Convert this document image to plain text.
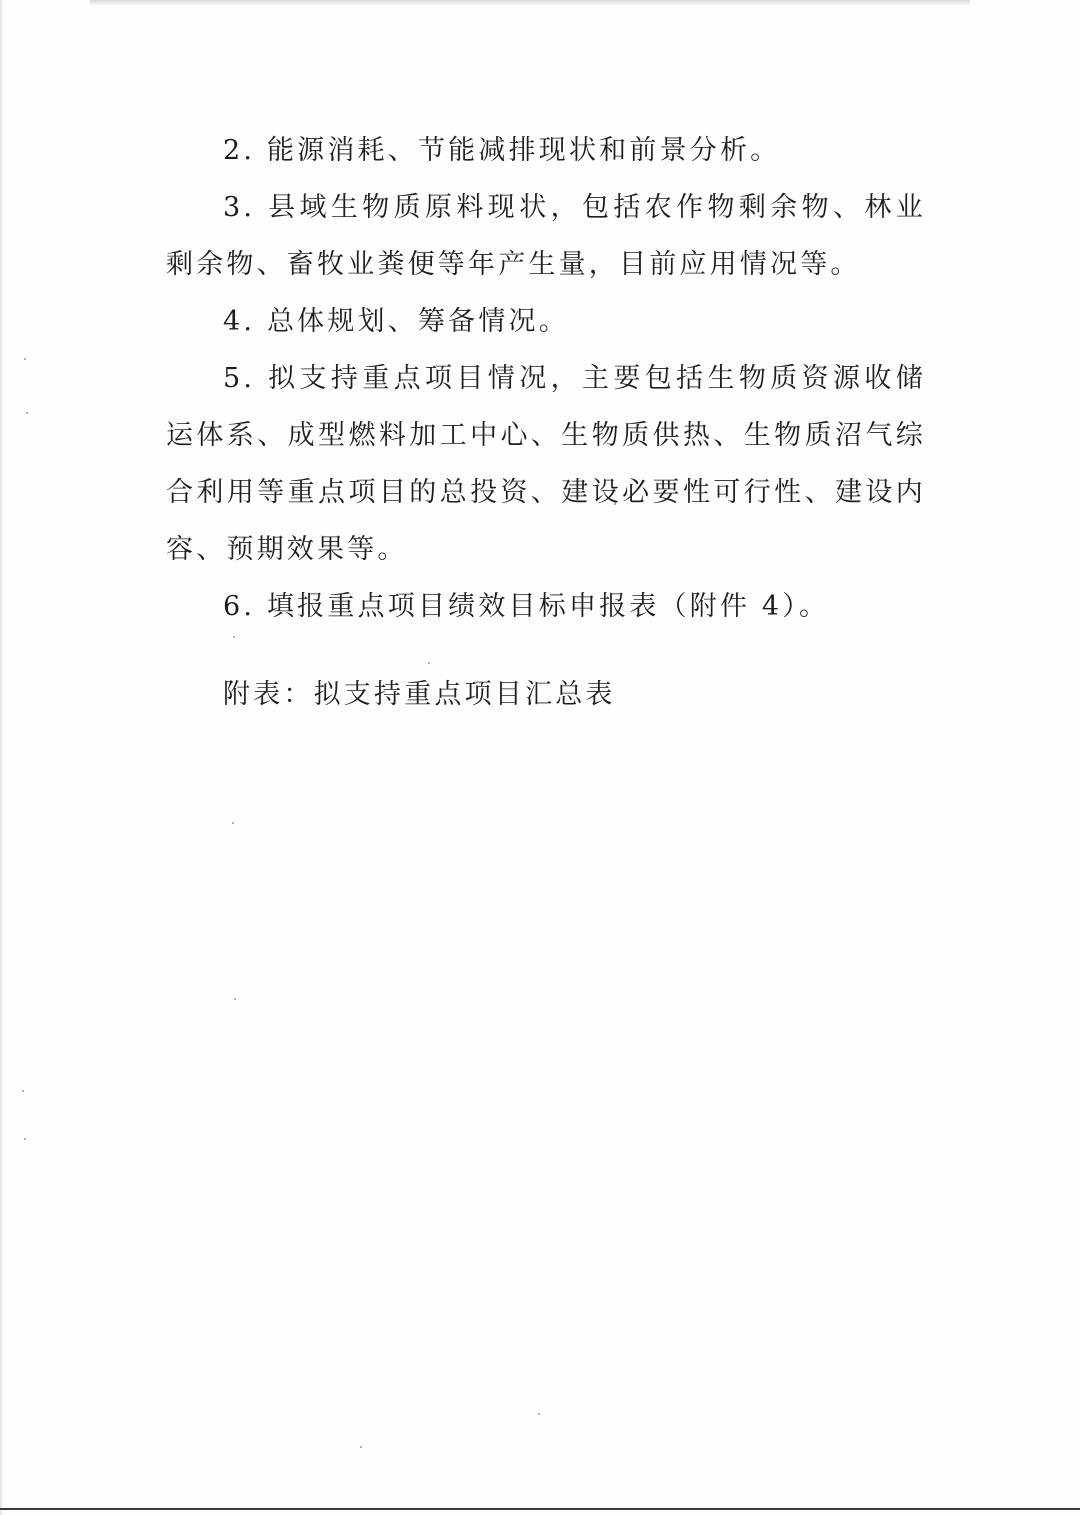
2. 能源消耗、节能减排现状和前景分析。

3. 县域生物质原料现状，包括农作物剩余物、林业剩余物、畜牧业粪便等年产生量，目前应用情况等。

4. 总体规划、筹备情况。

5. 拟支持重点项目情况，主要包括生物质资源收储运体系、成型燃料加工中心、生物质供热、生物质沼气综合利用等重点项目的总投资、建设必要性可行性、建设内容、预期效果等。

6. 填报重点项目绩效目标申报表（附件 4）。

附表：拟支持重点项目汇总表
